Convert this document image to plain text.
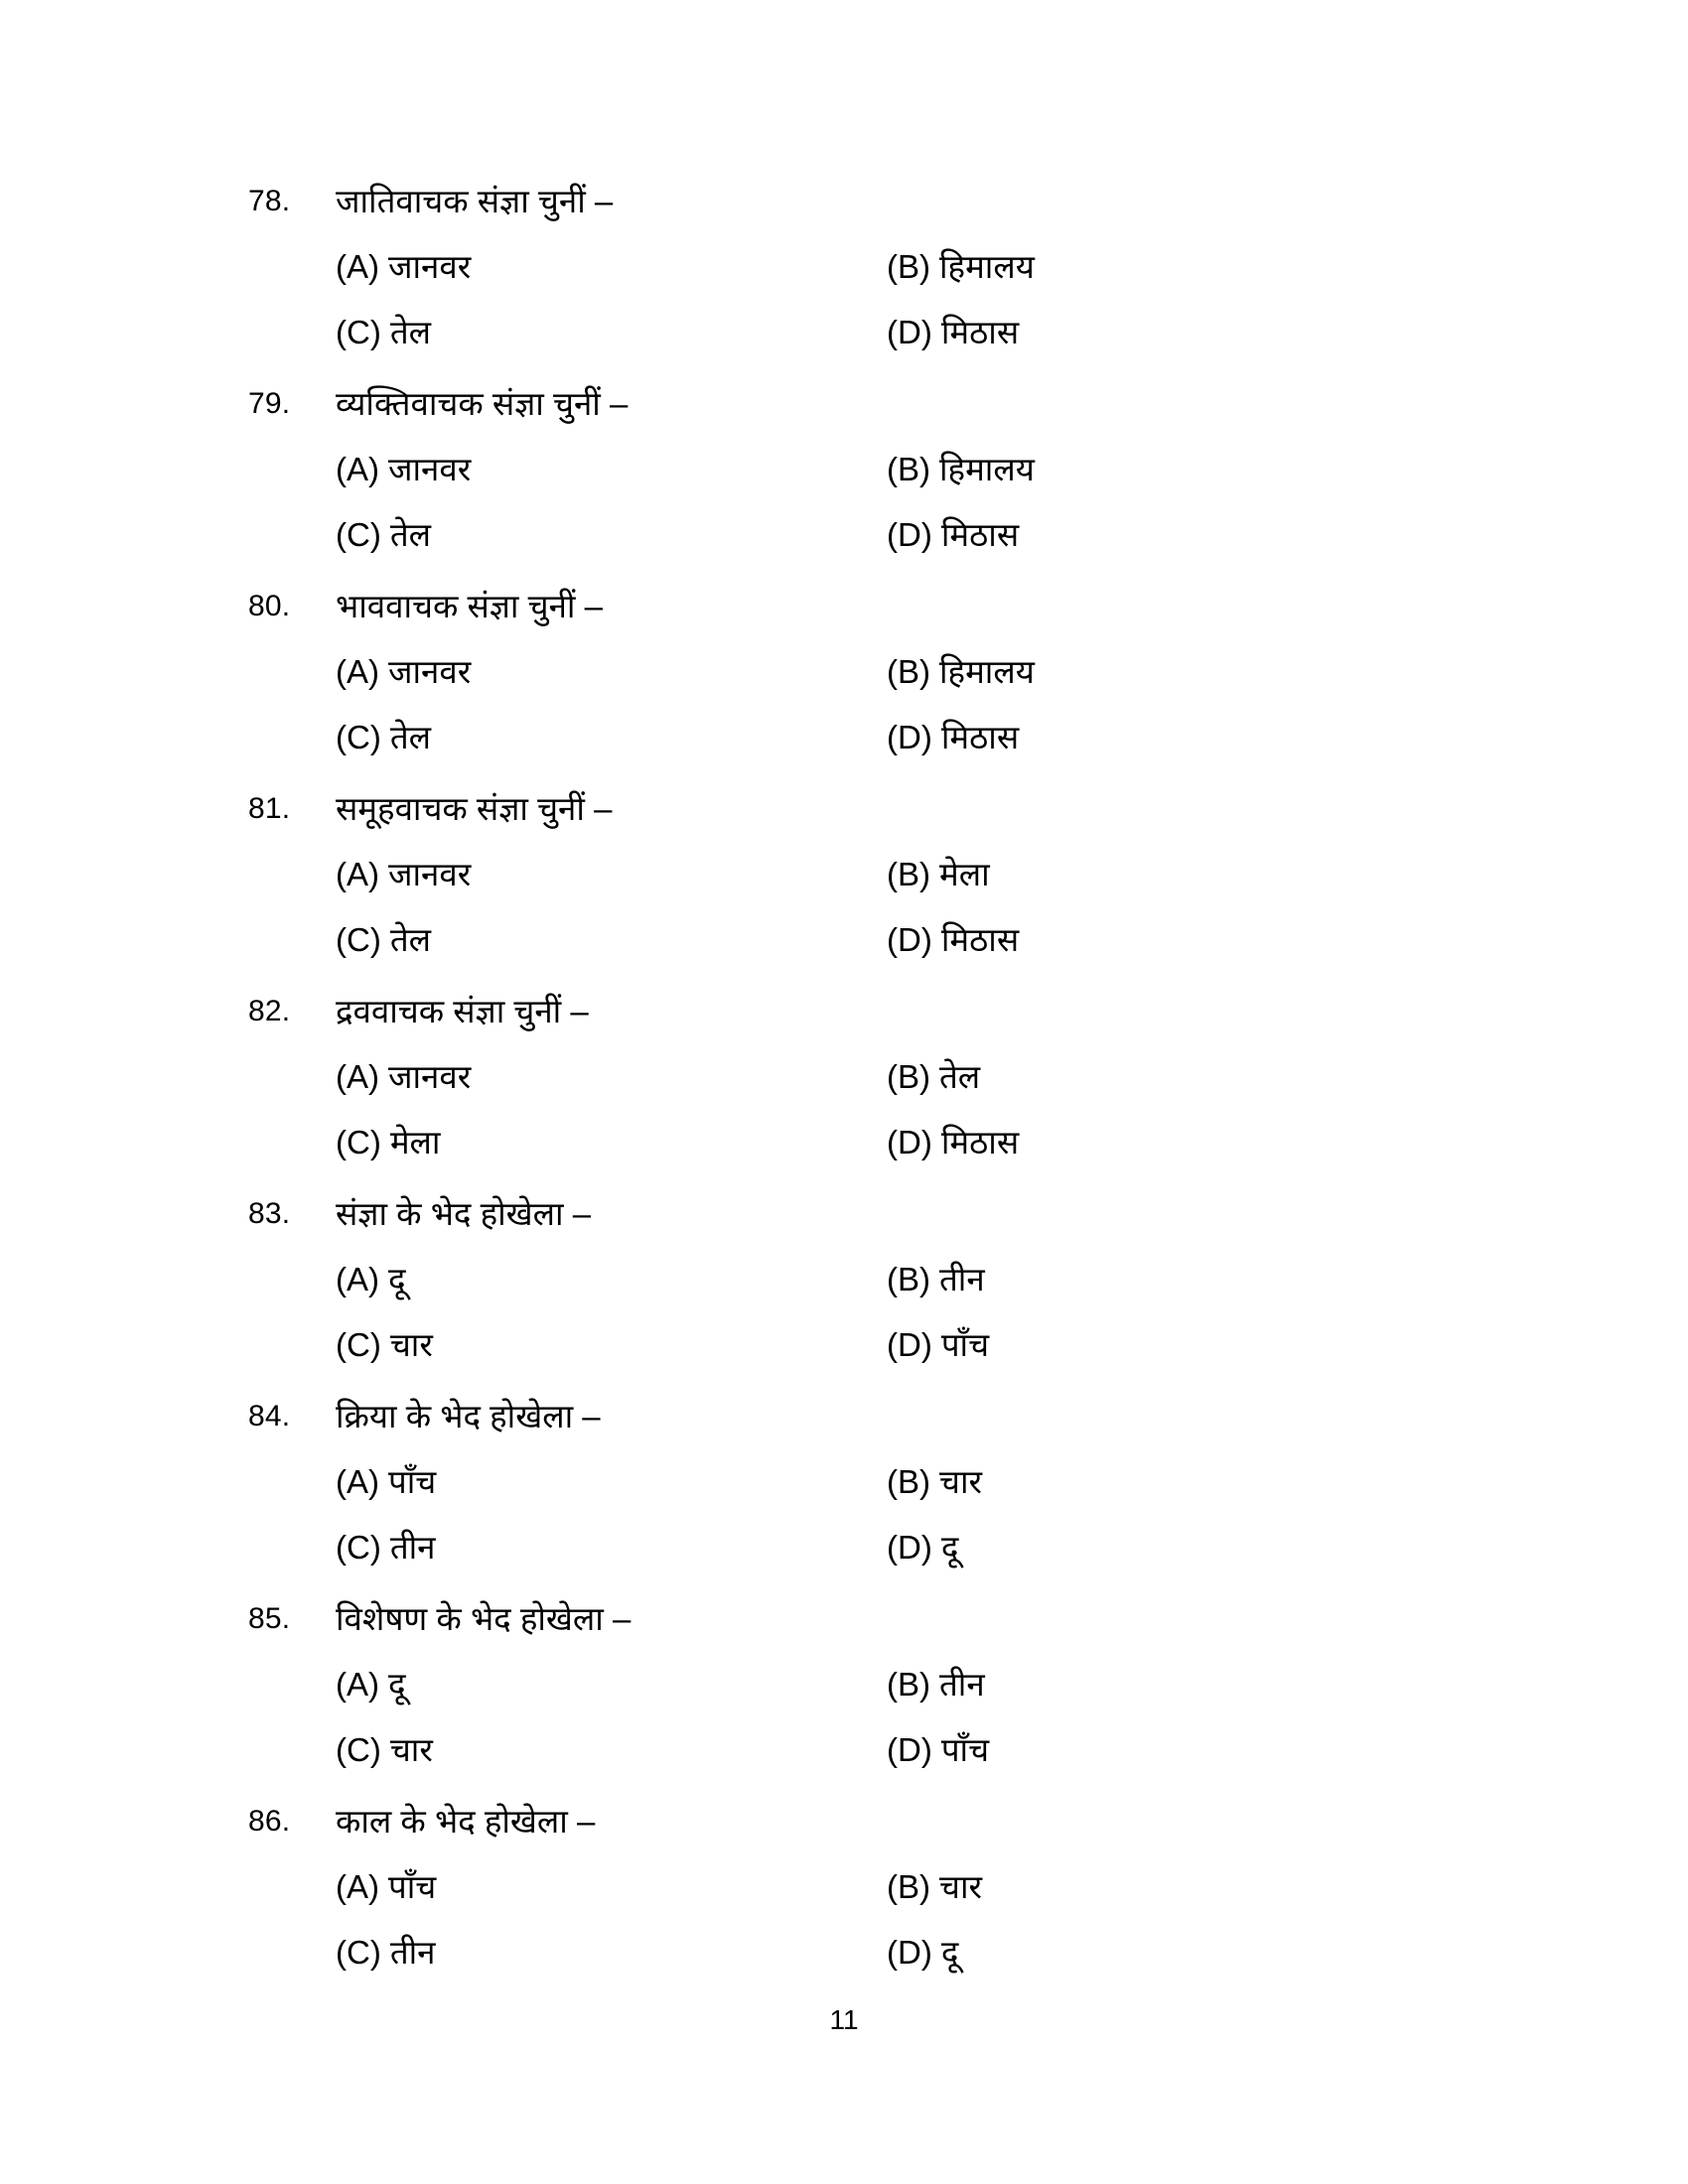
78.	जातिवाचक संज्ञा चुनीं –
(A) जानवर	(B) हिमालय
(C) तेल	(D) मिठास
79.	व्यक्तिवाचक संज्ञा चुनीं –
(A) जानवर	(B) हिमालय
(C) तेल	(D) मिठास
80.	भाववाचक संज्ञा चुनीं –
(A) जानवर	(B) हिमालय
(C) तेल	(D) मिठास
81.	समूहवाचक संज्ञा चुनीं –
(A) जानवर	(B) मेला
(C) तेल	(D) मिठास
82.	द्रववाचक संज्ञा चुनीं –
(A) जानवर	(B) तेल
(C) मेला	(D) मिठास
83.	संज्ञा के भेद होखेला –
(A) दू	(B) तीन
(C) चार	(D) पाँच
84.	क्रिया के भेद होखेला –
(A) पाँच	(B) चार
(C) तीन	(D) दू
85.	विशेषण के भेद होखेला –
(A) दू	(B) तीन
(C) चार	(D) पाँच
86.	काल के भेद होखेला –
(A) पाँच	(B) चार
(C) तीन	(D) दू
11
